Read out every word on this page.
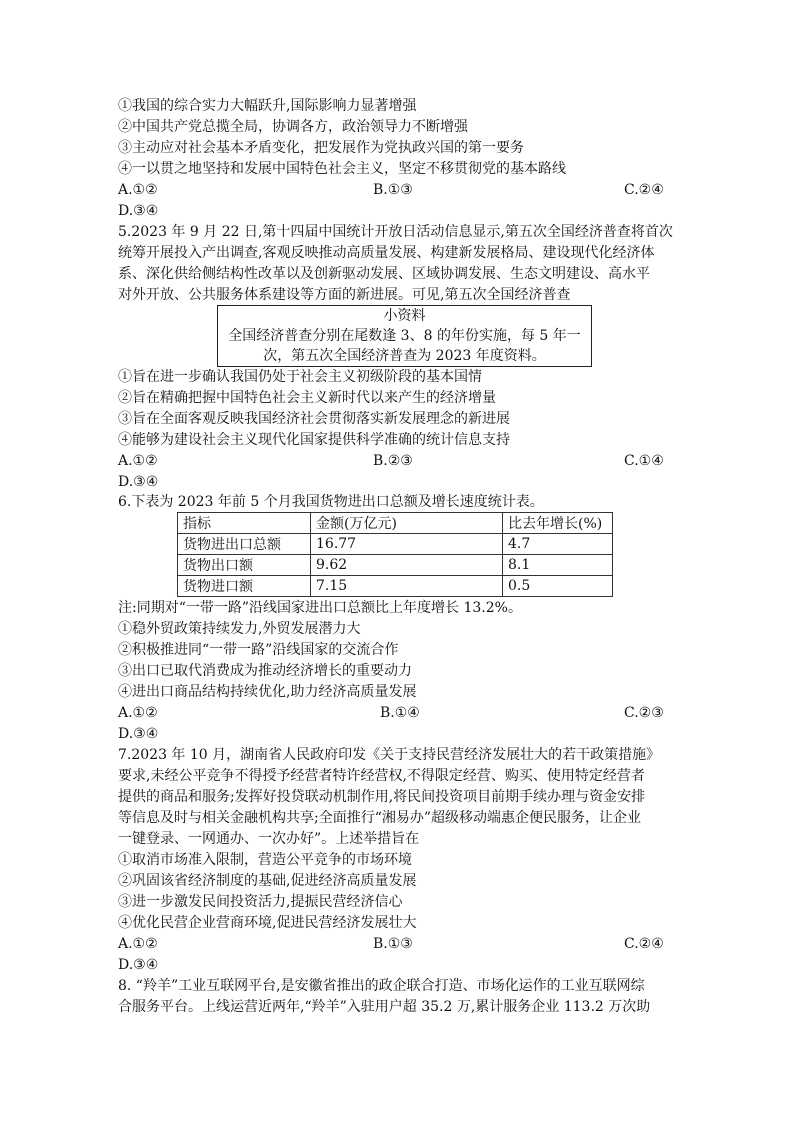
①我国的综合实力大幅跃升,国际影响力显著增强
②中国共产党总揽全局，协调各方，政治领导力不断增强
③主动应对社会基本矛盾变化，把发展作为党执政兴国的第一要务
④一以贯之地坚持和发展中国特色社会主义，坚定不移贯彻党的基本路线
A.①②	B.①③	C.②④
D.③④
5.2023 年 9 月 22 日,第十四届中国统计开放日活动信息显示,第五次全国经济普查将首次
统筹开展投入产出调查,客观反映推动高质量发展、构建新发展格局、建设现代化经济体
系、深化供给侧结构性改革以及创新驱动发展、区域协调发展、生态文明建设、高水平
对外开放、公共服务体系建设等方面的新进展。可见,第五次全国经济普查
小资料
全国经济普查分别在尾数逢 3、8 的年份实施，每 5 年一
次，第五次全国经济普查为 2023 年度资料。
①旨在进一步确认我国仍处于社会主义初级阶段的基本国情
②旨在精确把握中国特色社会主义新时代以来产生的经济增量
③旨在全面客观反映我国经济社会贯彻落实新发展理念的新进展
④能够为建设社会主义现代化国家提供科学准确的统计信息支持
A.①②	B.②③	C.①④
D.③④
6.下表为 2023 年前 5 个月我国货物进出口总额及增长速度统计表。
指标	金额(万亿元)	比去年增长(%)
货物进出口总额	16.77	4.7
货物出口额	9.62	8.1
货物进口额	7.15	0.5
注:同期对“一带一路”沿线国家进出口总额比上年度增长 13.2%。
①稳外贸政策持续发力,外贸发展潜力大
②积极推进同“一带一路”沿线国家的交流合作
③出口已取代消费成为推动经济增长的重要动力
④进出口商品结构持续优化,助力经济高质量发展
A.①②	B.①④	C.②③
D.③④
7.2023 年 10 月，湖南省人民政府印发《关于支持民营经济发展壮大的若干政策措施》
要求,未经公平竞争不得授予经营者特许经营权,不得限定经营、购买、使用特定经营者
提供的商品和服务;发挥好投贷联动机制作用,将民间投资项目前期手续办理与资金安排
等信息及时与相关金融机构共享;全面推行“湘易办”超级移动端惠企便民服务，让企业
一键登录、一网通办、一次办好”。上述举措旨在
①取消市场准入限制，营造公平竞争的市场环境
②巩固该省经济制度的基础,促进经济高质量发展
③进一步激发民间投资活力,提振民营经济信心
④优化民营企业营商环境,促进民营经济发展壮大
A.①②	B.①③	C.②④
D.③④
8. “羚羊”工业互联网平台,是安徽省推出的政企联合打造、市场化运作的工业互联网综
合服务平台。上线运营近两年,“羚羊”入驻用户超 35.2 万,累计服务企业 113.2 万次助
